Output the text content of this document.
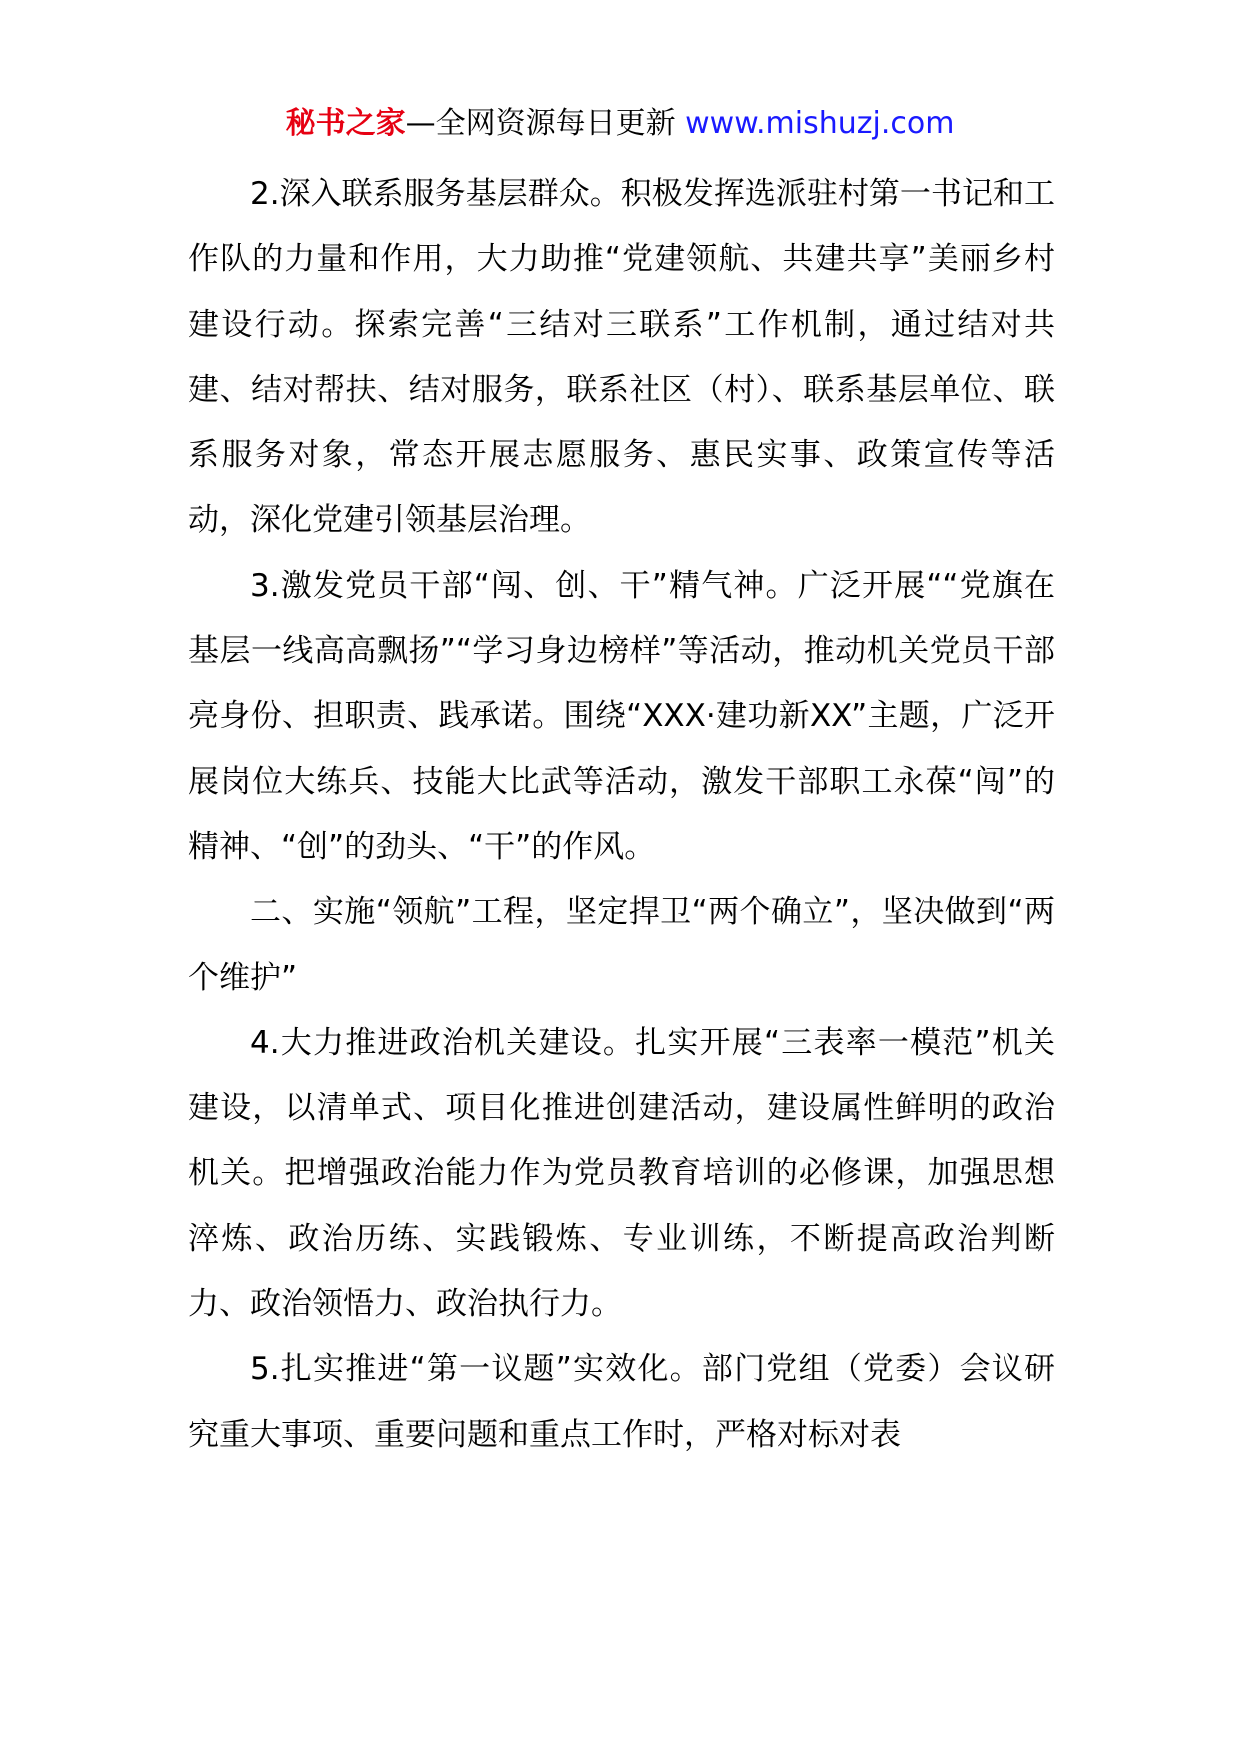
秘书之家—全网资源每日更新 www.mishuzj.com

2.深入联系服务基层群众。积极发挥选派驻村第一书记和工作队的力量和作用，大力助推“党建领航、共建共享”美丽乡村建设行动。探索完善“三结对三联系”工作机制，通过结对共建、结对帮扶、结对服务，联系社区（村）、联系基层单位、联系服务对象，常态开展志愿服务、惠民实事、政策宣传等活动，深化党建引领基层治理。

3.激发党员干部“闯、创、干”精气神。广泛开展““党旗在基层一线高高飘扬”“学习身边榜样”等活动，推动机关党员干部亮身份、担职责、践承诺。围绕“XXX·建功新XX”主题，广泛开展岗位大练兵、技能大比武等活动，激发干部职工永葆“闯”的精神、“创”的劲头、“干”的作风。

二、实施“领航”工程，坚定捍卫“两个确立”，坚决做到“两个维护”

4.大力推进政治机关建设。扎实开展“三表率一模范”机关建设，以清单式、项目化推进创建活动，建设属性鲜明的政治机关。把增强政治能力作为党员教育培训的必修课，加强思想淬炼、政治历练、实践锻炼、专业训练，不断提高政治判断力、政治领悟力、政治执行力。

5.扎实推进“第一议题”实效化。部门党组（党委）会议研究重大事项、重要问题和重点工作时，严格对标对表
